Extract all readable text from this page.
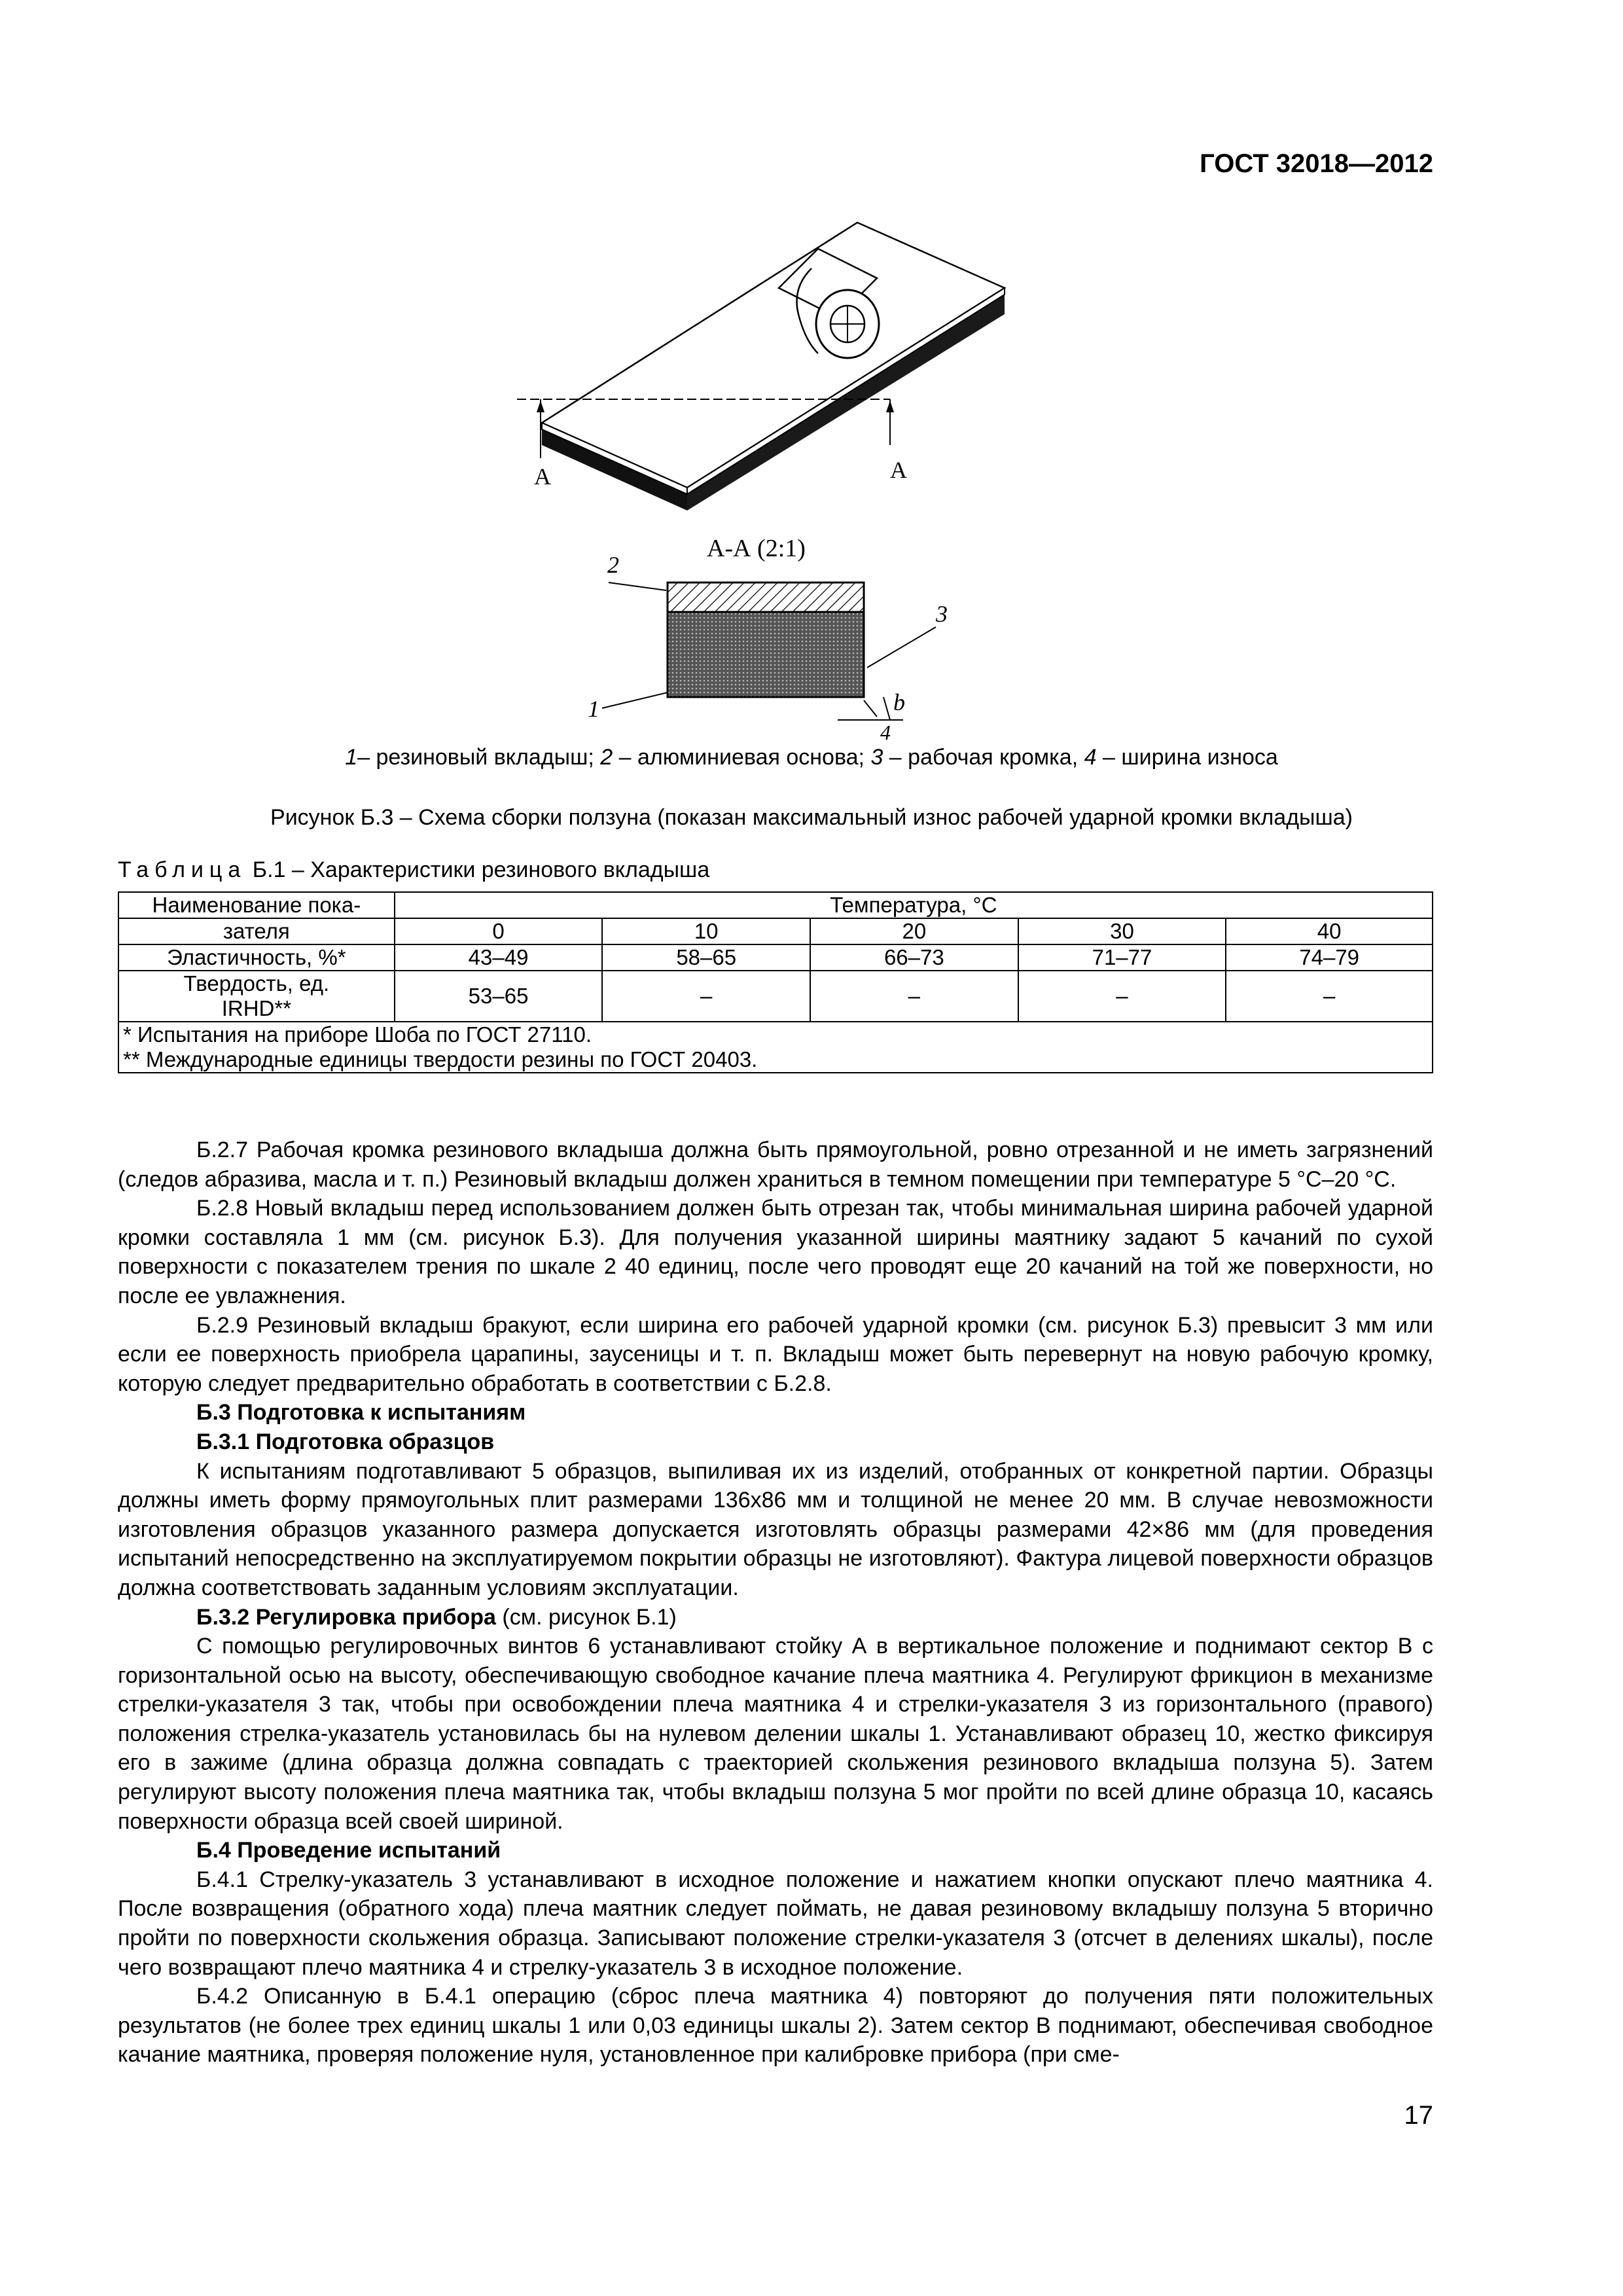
ГОСТ 32018—2012
А	А
А-А (2:1)
2
1
3
b
4
1– резиновый вкладыш; 2 – алюминиевая основа; 3 – рабочая кромка, 4 – ширина износа
Рисунок Б.3 – Схема сборки ползуна (показан максимальный износ рабочей ударной кромки вкладыша)
Таблица Б.1 – Характеристики резинового вкладыша
Наименование пока-	Температура, °С				
зателя	0	10	20	30	40
Эластичность, %*	43–49	58–65	66–73	71–77	74–79
Твердость, ед.
IRHD**	53–65	–	–	–	–

* Испытания на приборе Шоба по ГОСТ 27110.
** Международные единицы твердости резины по ГОСТ 20403.					

Б.2.7 Рабочая кромка резинового вкладыша должна быть прямоугольной, ровно отрезанной и не иметь загрязнений (следов абразива, масла и т. п.) Резиновый вкладыш должен храниться в темном помещении при температуре 5 °С–20 °С.

Б.2.8 Новый вкладыш перед использованием должен быть отрезан так, чтобы минимальная ширина рабочей ударной кромки составляла 1 мм (см. рисунок Б.3). Для получения указанной ширины маятнику задают 5 качаний по сухой поверхности с показателем трения по шкале 2 40 единиц, после чего проводят еще 20 качаний на той же поверхности, но после ее увлажнения.

Б.2.9 Резиновый вкладыш бракуют, если ширина его рабочей ударной кромки (см. рисунок Б.3) превысит 3 мм или если ее поверхность приобрела царапины, заусеницы и т. п. Вкладыш может быть перевернут на новую рабочую кромку, которую следует предварительно обработать в соответствии с Б.2.8.

Б.3 Подготовка к испытаниям

Б.3.1 Подготовка образцов

К испытаниям подготавливают 5 образцов, выпиливая их из изделий, отобранных от конкретной партии. Образцы должны иметь форму прямоугольных плит размерами 136х86 мм и толщиной не менее 20 мм. В случае невозможности изготовления образцов указанного размера допускается изготовлять образцы размерами 42×86 мм (для проведения испытаний непосредственно на эксплуатируемом покрытии образцы не изготовляют). Фактура лицевой поверхности образцов должна соответствовать заданным условиям эксплуатации.

Б.3.2 Регулировка прибора (см. рисунок Б.1)

С помощью регулировочных винтов 6 устанавливают стойку А в вертикальное положение и поднимают сектор В с горизонтальной осью на высоту, обеспечивающую свободное качание плеча маятника 4. Регулируют фрикцион в механизме стрелки-указателя 3 так, чтобы при освобождении плеча маятника 4 и стрелки-указателя 3 из горизонтального (правого) положения стрелка-указатель установилась бы на нулевом делении шкалы 1. Устанавливают образец 10, жестко фиксируя его в зажиме (длина образца должна совпадать с траекторией скольжения резинового вкладыша ползуна 5). Затем регулируют высоту положения плеча маятника так, чтобы вкладыш ползуна 5 мог пройти по всей длине образца 10, касаясь поверхности образца всей своей шириной.

Б.4 Проведение испытаний

Б.4.1 Стрелку-указатель 3 устанавливают в исходное положение и нажатием кнопки опускают плечо маятника 4. После возвращения (обратного хода) плеча маятник следует поймать, не давая резиновому вкладышу ползуна 5 вторично пройти по поверхности скольжения образца. Записывают положение стрелки-указателя 3 (отсчет в делениях шкалы), после чего возвращают плечо маятника 4 и стрелку-указатель 3 в исходное положение.

Б.4.2 Описанную в Б.4.1 операцию (сброс плеча маятника 4) повторяют до получения пяти положительных результатов (не более трех единиц шкалы 1 или 0,03 единицы шкалы 2). Затем сектор В поднимают, обеспечивая свободное качание маятника, проверяя положение нуля, установленное при калибровке прибора (при сме-

17
